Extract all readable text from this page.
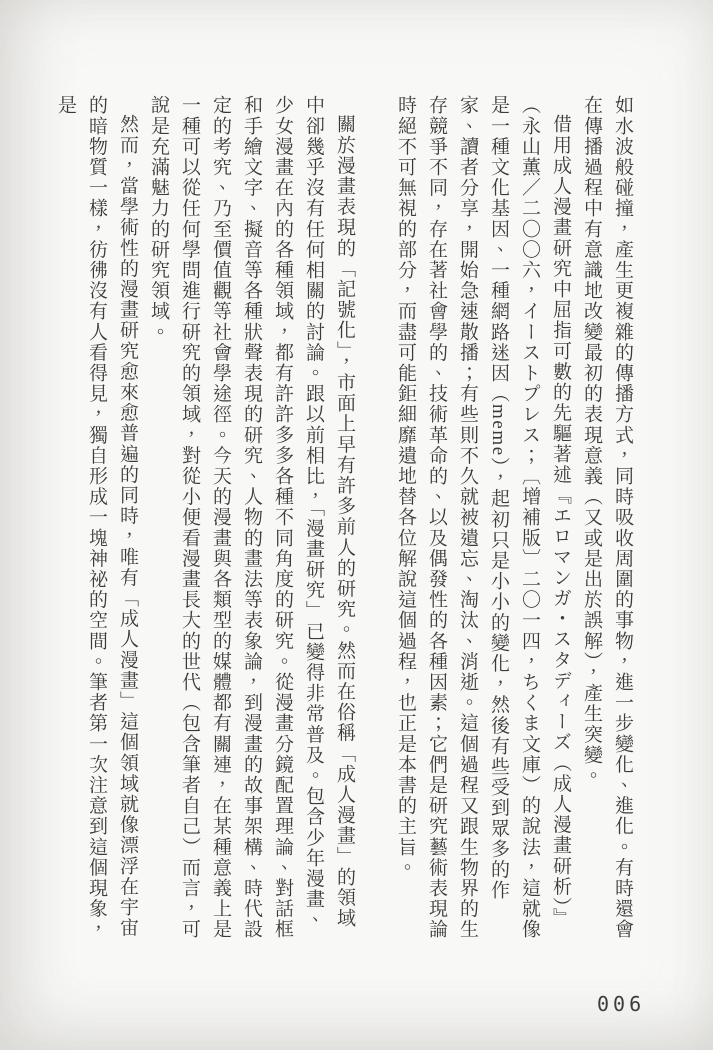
如水波般碰撞，產生更複雜的傳播方式，同時吸收周圍的事物，進一步變化、進化。有時還會在傳播過程中有意識地改變最初的表現意義（又或是出於誤解），產生突變。

借用成人漫畫研究中屈指可數的先驅著述『エロマンガ・スタディーズ（成人漫畫研析）』（永山薫／二〇〇六，イーストプレス；〔增補版〕二〇一四，ちくま文庫）的說法，這就像是一種文化基因、一種網路迷因（meme），起初只是小小的變化，然後有些受到眾多的作家、讀者分享，開始急速散播；有些則不久就被遺忘、淘汰、消逝。這個過程又跟生物界的生存競爭不同，存在著社會學的、技術革命的、以及偶發性的各種因素；它們是研究藝術表現論時絕不可無視的部分，而盡可能鉅細靡遺地替各位解說這個過程，也正是本書的主旨。

關於漫畫表現的「記號化」，市面上早有許多前人的研究。然而在俗稱「成人漫畫」的領域中卻幾乎沒有任何相關的討論。跟以前相比，「漫畫研究」已變得非常普及。包含少年漫畫、少女漫畫在內的各種領域，都有許許多多各種不同角度的研究。從漫畫分鏡配置理論、對話框和手繪文字、擬音等各種狀聲表現的研究、人物的畫法等表象論，到漫畫的故事架構、時代設定的考究、乃至價值觀等社會學途徑。今天的漫畫與各類型的媒體都有關連，在某種意義上是一種可以從任何學問進行研究的領域，對從小便看漫畫長大的世代（包含筆者自己）而言，可說是充滿魅力的研究領域。

然而，當學術性的漫畫研究愈來愈普遍的同時，唯有「成人漫畫」這個領域就像漂浮在宇宙的暗物質一樣，彷彿沒有人看得見，獨自形成一塊神祕的空間。筆者第一次注意到這個現象，是

006
